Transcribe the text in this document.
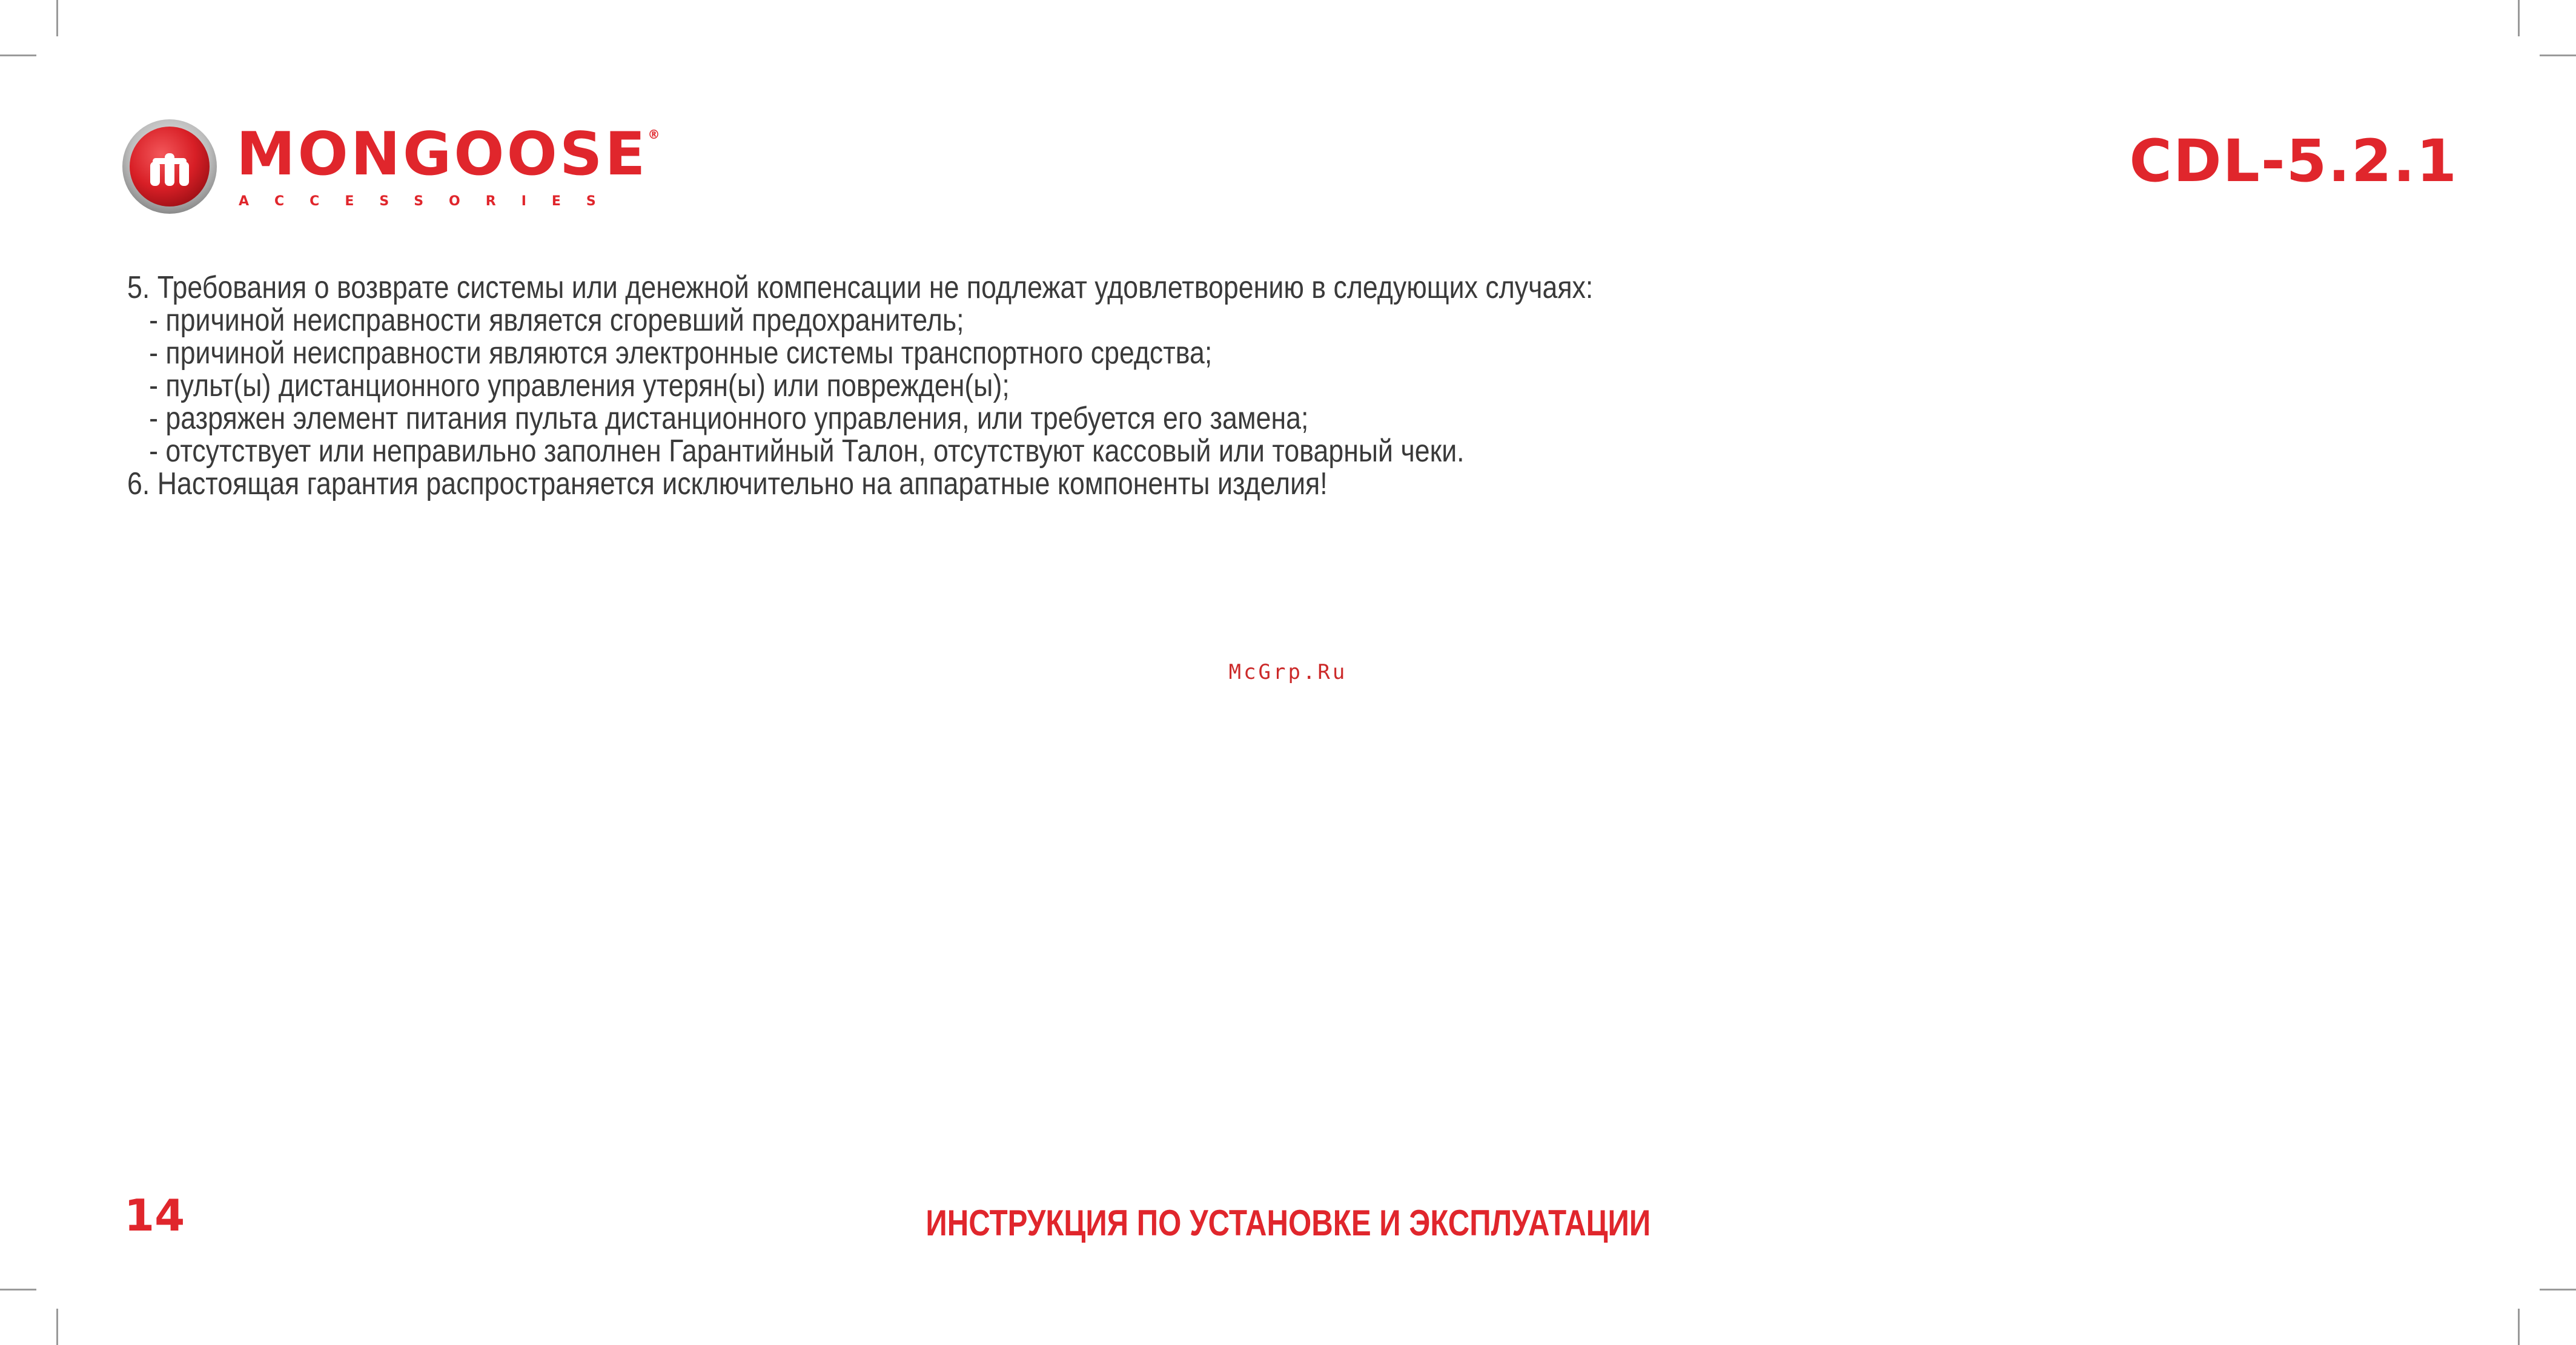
MONGOOSE®
ACCESSORIES
CDL-5.2.1
5. Требования о возврате системы или денежной компенсации не подлежат удовлетворению в следующих случаях:
- причиной неисправности является сгоревший предохранитель;
- причиной неисправности являются электронные системы транспортного средства;
- пульт(ы) дистанционного управления утерян(ы) или поврежден(ы);
- разряжен элемент питания пульта дистанционного управления, или требуется его замена;
- отсутствует или неправильно заполнен Гарантийный Талон, отсутствуют кассовый или товарный чеки.
6. Настоящая гарантия распространяется исключительно на аппаратные компоненты изделия!
McGrp.Ru
14	ИНСТРУКЦИЯ ПО УСТАНОВКЕ И ЭКСПЛУАТАЦИИ
